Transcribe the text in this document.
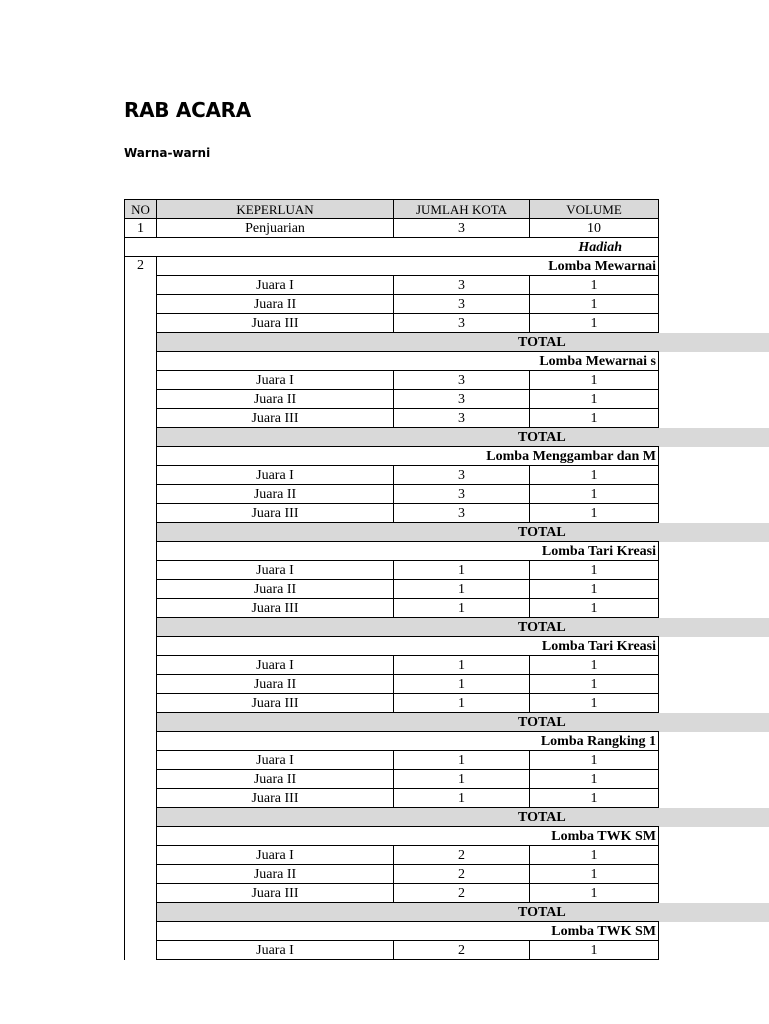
RAB ACARA

Warna-warni

NO	KEPERLUAN	JUMLAH KOTA	VOLUME	
1	Penjuarian	3	10	
			Hadiah	
2	Lomba Mewarnai			
	Juara I	3	1	
	Juara II	3	1	
	Juara III	3	1	
	TOTAL			
	Lomba Mewarnai s			
	Juara I	3	1	
	Juara II	3	1	
	Juara III	3	1	
	TOTAL			
	Lomba Menggambar dan M			
	Juara I	3	1	
	Juara II	3	1	
	Juara III	3	1	
	TOTAL			
	Lomba Tari Kreasi			
	Juara I	1	1	
	Juara II	1	1	
	Juara III	1	1	
	TOTAL			
	Lomba Tari Kreasi			
	Juara I	1	1	
	Juara II	1	1	
	Juara III	1	1	
	TOTAL			
	Lomba Rangking 1			
	Juara I	1	1	
	Juara II	1	1	
	Juara III	1	1	
	TOTAL			
	Lomba TWK SM			
	Juara I	2	1	
	Juara II	2	1	
	Juara III	2	1	
	TOTAL			
	Lomba TWK SM			
	Juara I	2	1	
